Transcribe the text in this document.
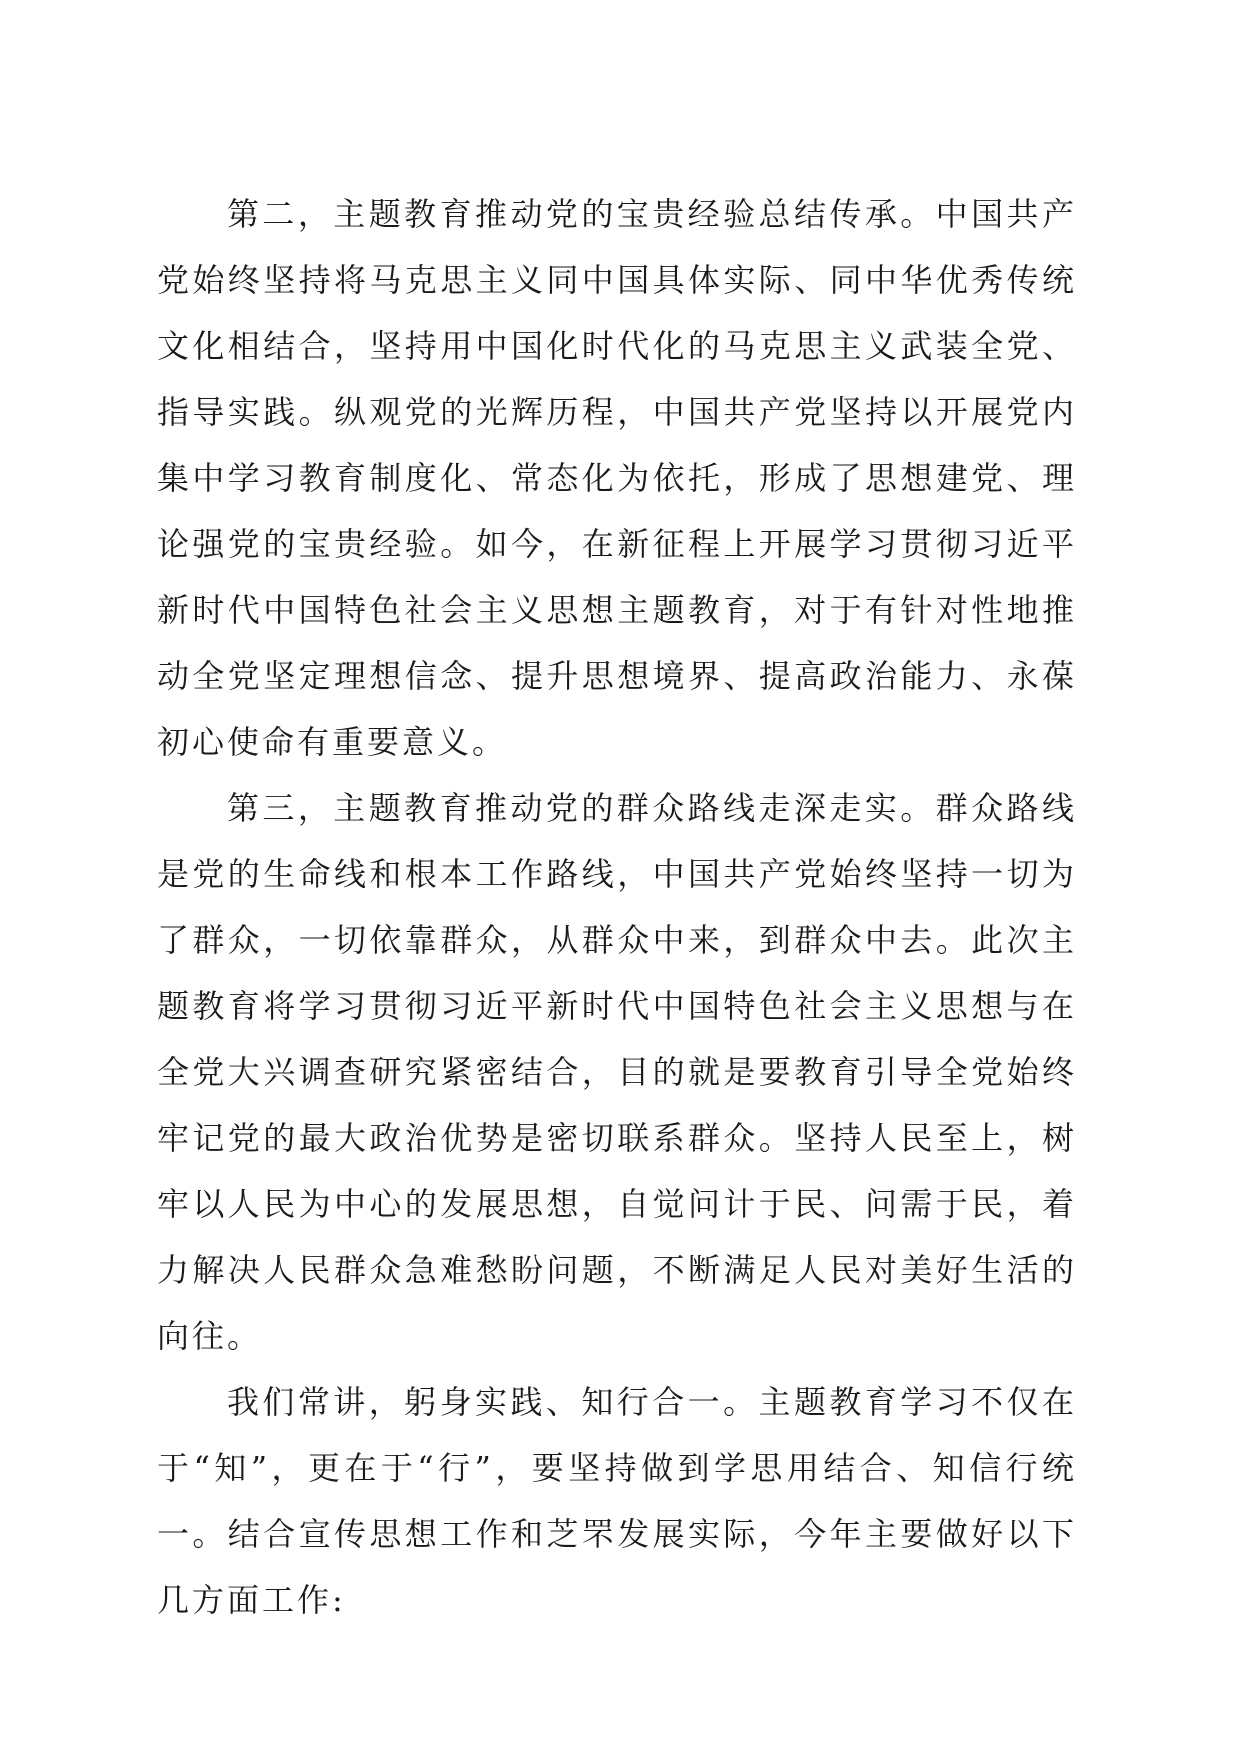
第二，主题教育推动党的宝贵经验总结传承。中国共产党始终坚持将马克思主义同中国具体实际、同中华优秀传统文化相结合，坚持用中国化时代化的马克思主义武装全党、指导实践。纵观党的光辉历程，中国共产党坚持以开展党内集中学习教育制度化、常态化为依托，形成了思想建党、理论强党的宝贵经验。如今，在新征程上开展学习贯彻习近平新时代中国特色社会主义思想主题教育，对于有针对性地推动全党坚定理想信念、提升思想境界、提高政治能力、永葆初心使命有重要意义。

第三，主题教育推动党的群众路线走深走实。群众路线是党的生命线和根本工作路线，中国共产党始终坚持一切为了群众，一切依靠群众，从群众中来，到群众中去。此次主题教育将学习贯彻习近平新时代中国特色社会主义思想与在全党大兴调查研究紧密结合，目的就是要教育引导全党始终牢记党的最大政治优势是密切联系群众。坚持人民至上，树牢以人民为中心的发展思想，自觉问计于民、问需于民，着力解决人民群众急难愁盼问题，不断满足人民对美好生活的向往。

我们常讲，躬身实践、知行合一。主题教育学习不仅在于“知”，更在于“行”，要坚持做到学思用结合、知信行统一。结合宣传思想工作和芝罘发展实际，今年主要做好以下几方面工作:
